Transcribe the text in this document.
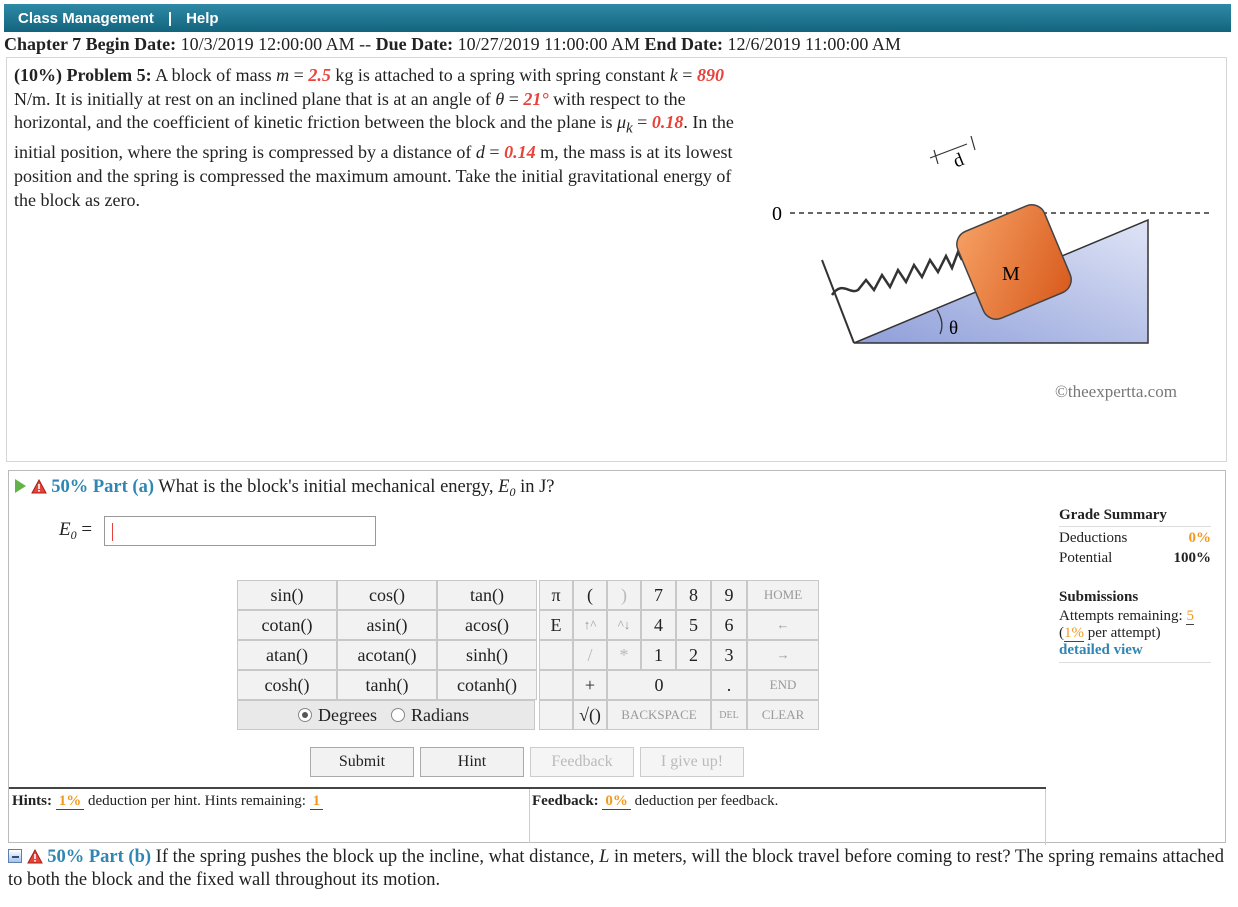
Class Management | Help
Chapter 7 Begin Date: 10/3/2019 12:00:00 AM -- Due Date: 10/27/2019 11:00:00 AM End Date: 12/6/2019 11:00:00 AM
(10%) Problem 5: A block of mass m = 2.5 kg is attached to a spring with spring constant k = 890 N/m. It is initially at rest on an inclined plane that is at an angle of θ = 21° with respect to the horizontal, and the coefficient of kinetic friction between the block and the plane is $\mu_k = 0.18$. In the initial position, where the spring is compressed by a distance of d = 0.14 m, the mass is at its lowest position and the spring is compressed the maximum amount. Take the initial gravitational energy of the block as zero.
0
M
d
θ
©theexpertta.com
50% Part (a) What is the block's initial mechanical energy, $E_0$ in J?
$E_0$ =
sin()	cos()	tan()
cotan()	asin()	acos()
atan()	acotan()	sinh()
cosh()	tanh()	cotanh()
Degrees Radians
π
E
(	)
↑^	^↓
/	*
+
√()
7	8	9
4	5	6
1	2	3
0	.
BACKSPACE	DEL
HOME
←
→
END
CLEAR
Submit	Hint	Feedback	I give up!
Hints: 1% deduction per hint. Hints remaining: 1	Feedback: 0% deduction per feedback.
Grade Summary
Deductions	0%
Potential	100%
Submissions
Attempts remaining: 5
(1% per attempt)
detailed view
50% Part (b) If the spring pushes the block up the incline, what distance, L in meters, will the block travel before coming to rest? The spring remains attached to both the block and the fixed wall throughout its motion.
